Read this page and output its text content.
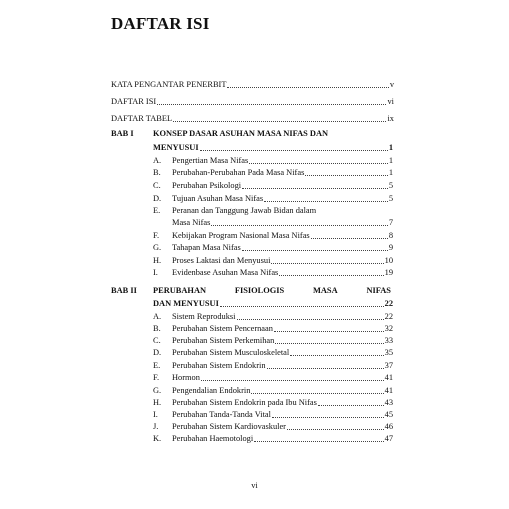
DAFTAR ISI
KATA PENGANTAR PENERBIT	v
DAFTAR ISI	vi
DAFTAR TABEL	ix
BAB I KONSEP DASAR ASUHAN MASA NIFAS DAN
MENYUSUI	1
A. Pengertian Masa Nifas	1
B. Perubahan-Perubahan Pada Masa Nifas	1
C. Perubahan Psikologi	5
D. Tujuan Asuhan Masa Nifas	5
E. Peranan dan Tanggung Jawab Bidan dalam
Masa Nifas	7
F. Kebijakan Program Nasional Masa Nifas	8
G. Tahapan Masa Nifas	9
H. Proses Laktasi dan Menyusui	10
I. Evidenbase Asuhan Masa Nifas	19
BAB II PERUBAHAN	FISIOLOGIS	MASA	NIFAS
DAN MENYUSUI	22
A. Sistem Reproduksi	22
B. Perubahan Sistem Pencernaan	32
C. Perubahan Sistem Perkemihan	33
D. Perubahan Sistem Musculoskeletal	35
E. Perubahan Sistem Endokrin	37
F. Hormon	41
G. Pengendalian Endokrin	41
H. Perubahan Sistem Endokrin pada Ibu Nifas	43
I. Perubahan Tanda-Tanda Vital	45
J. Perubahan Sistem Kardiovaskuler	46
K. Perubahan Haemotologi	47
vi
